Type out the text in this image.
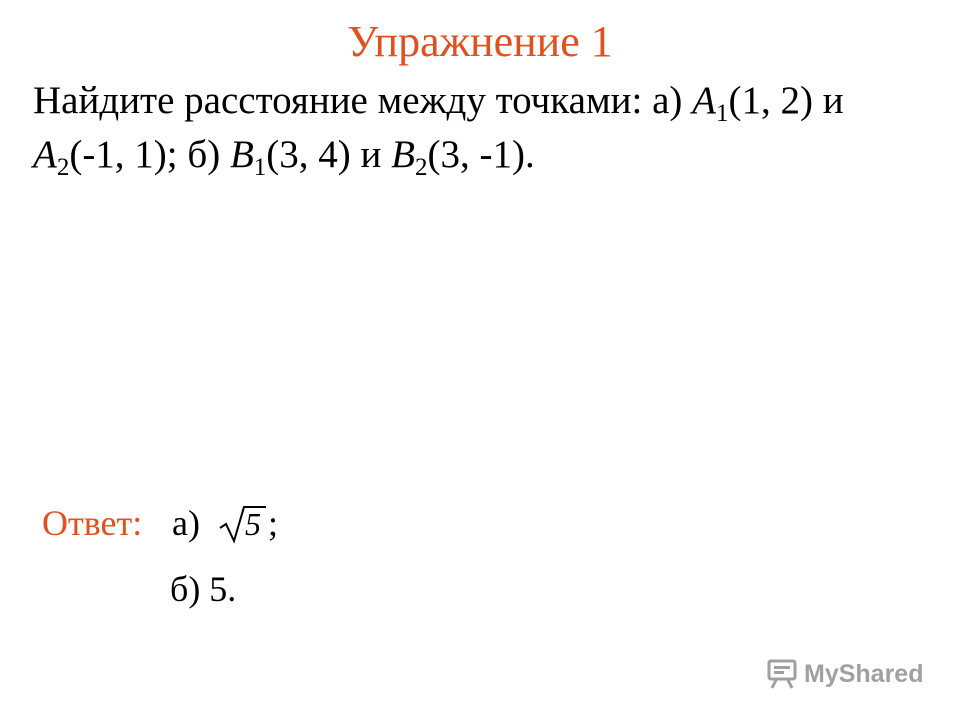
Упражнение 1
Найдите расстояние между точками: а) $A_1(1$, 2) и
$A_2(-1$, 1); б) $B_1(3$, 4) и $B_2(3$, -1).
Ответ: а) 5 ;
б) 5.
MyShared
